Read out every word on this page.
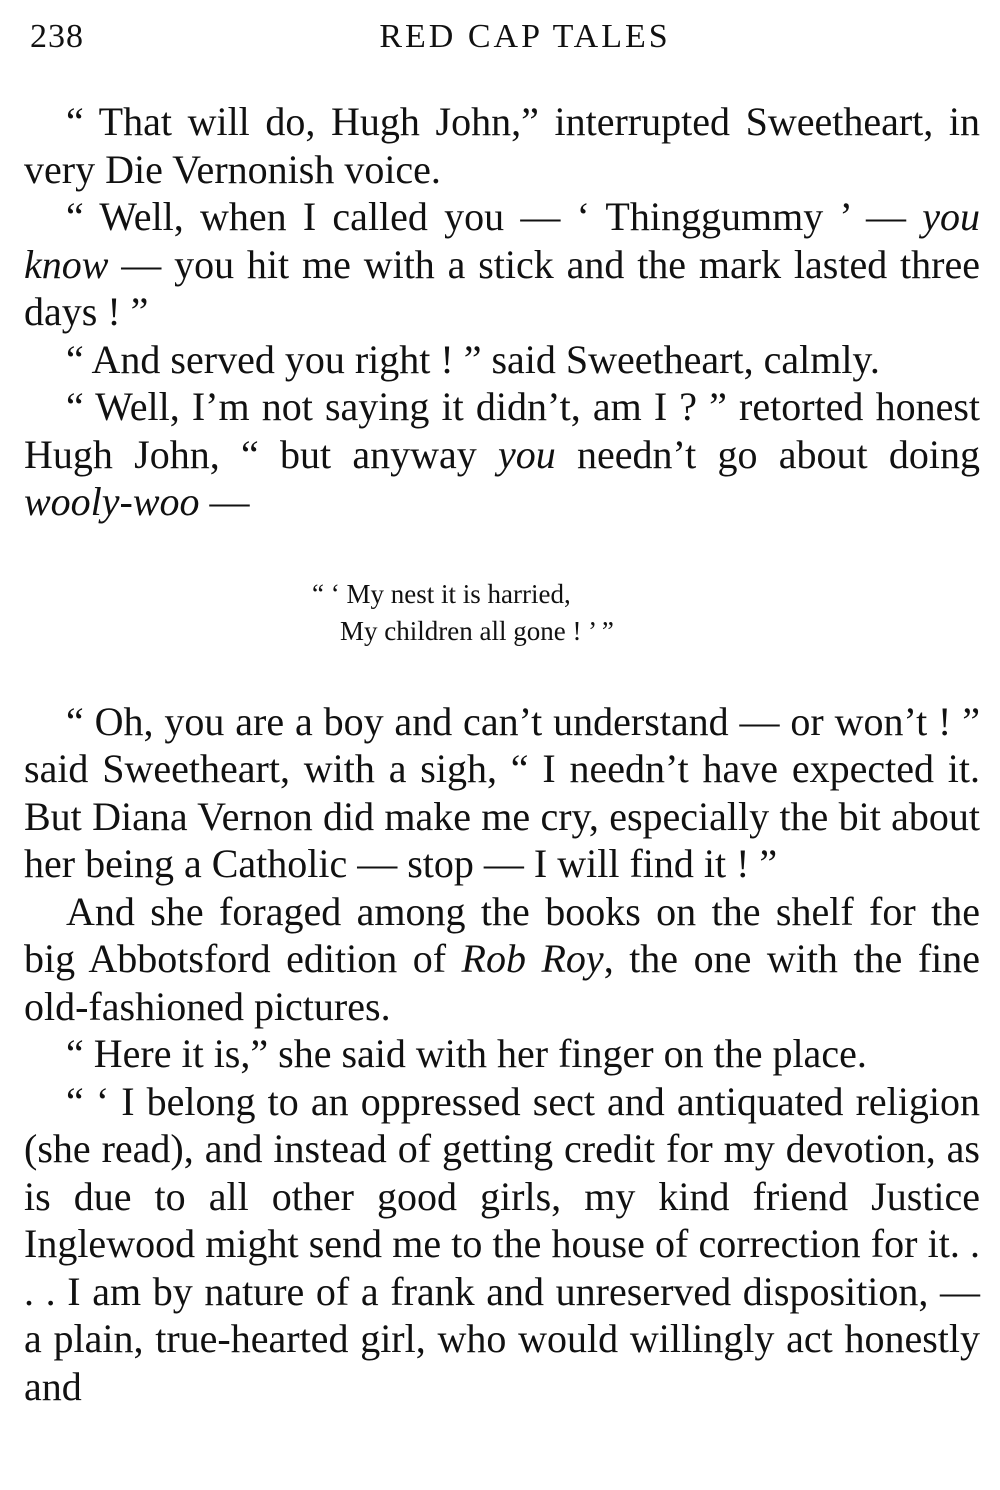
238	RED CAP TALES

“ That will do, Hugh John,” interrupted Sweetheart, in very Die Vernonish voice.

“ Well, when I called you — ‘ Thinggummy ’ — you know — you hit me with a stick and the mark lasted three days ! ”

“ And served you right ! ” said Sweetheart, calmly.

“ Well, I’m not saying it didn’t, am I ? ” retorted honest Hugh John, “ but anyway you needn’t go about doing wooly-woo —

“ ‘ My nest it is harried,
My children all gone ! ’ ”

“ Oh, you are a boy and can’t understand — or won’t ! ” said Sweetheart, with a sigh, “ I needn’t have expected it. But Diana Vernon did make me cry, especially the bit about her being a Catholic — stop — I will find it ! ”

And she foraged among the books on the shelf for the big Abbotsford edition of Rob Roy, the one with the fine old-fashioned pictures.

“ Here it is,” she said with her finger on the place.

“ ‘ I belong to an oppressed sect and antiquated religion (she read), and instead of getting credit for my devotion, as is due to all other good girls, my kind friend Justice Inglewood might send me to the house of correction for it. . . . I am by nature of a frank and unreserved disposition, — a plain, true-hearted girl, who would willingly act honestly and
